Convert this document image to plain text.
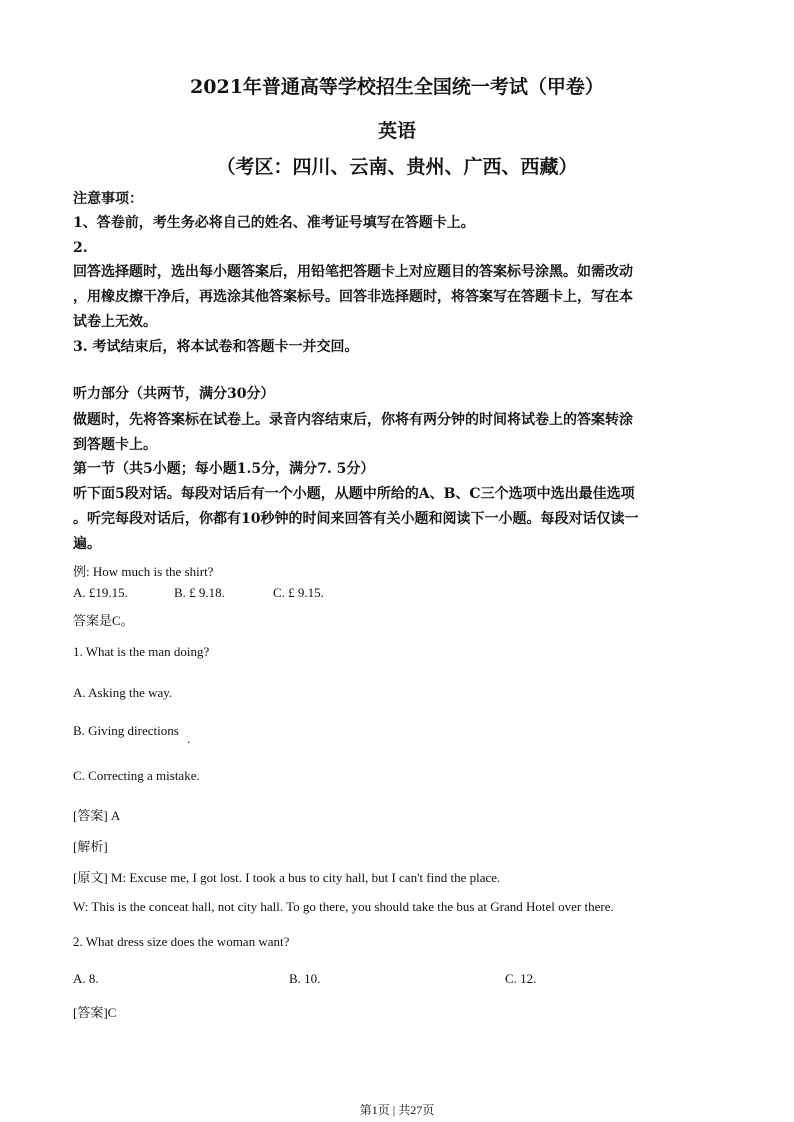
2021年普通高等学校招生全国统一考试（甲卷）
英语
（考区：四川、云南、贵州、广西、西藏）
注意事项：
1、答卷前，考生务必将自己的姓名、准考证号填写在答题卡上。
2.
回答选择题时，选出每小题答案后，用铅笔把答题卡上对应题目的答案标号涂黑。如需改动
，用橡皮擦干净后，再选涂其他答案标号。回答非选择题时，将答案写在答题卡上，写在本
试卷上无效。
3. 考试结束后，将本试卷和答题卡一并交回。
听力部分（共两节，满分30分）
做题时，先将答案标在试卷上。录音内容结束后，你将有两分钟的时间将试卷上的答案转涂
到答题卡上。
第一节（共5小题；每小题1.5分，满分7. 5分）
听下面5段对话。每段对话后有一个小题，从题中所给的A、B、C三个选项中选出最佳选项
。听完每段对话后，你都有10秒钟的时间来回答有关小题和阅读下一小题。每段对话仅读一
遍。
例: How much is the shirt?
A. £19.15.	B. £ 9.18.	C. £ 9.15.
答案是C。
1. What is the man doing?
A. Asking the way.
B. Giving directions
.
C. Correcting a mistake.
[答案] A
[解析]
[原文] M: Excuse me, I got lost. I took a bus to city hall, but I can't find the place.
W: This is the conceat hall, not city hall. To go there, you should take the bus at Grand Hotel over there.
2. What dress size does the woman want?
A. 8.	B. 10.	C. 12.
[答案]C
第1页 | 共27页
